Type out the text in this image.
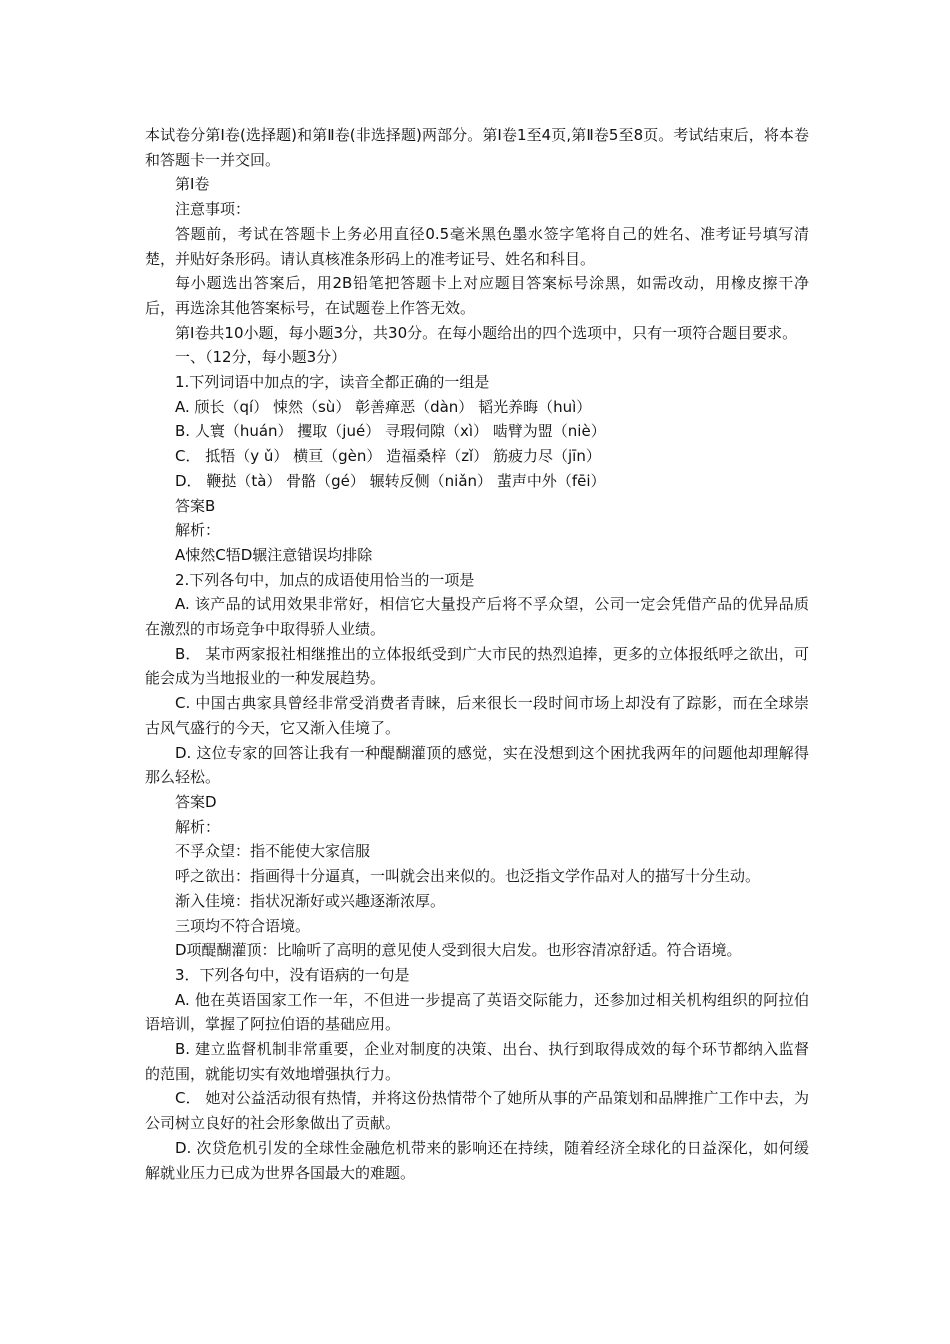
本试卷分第Ⅰ卷(选择题)和第Ⅱ卷(非选择题)两部分。第Ⅰ卷1至4页,第Ⅱ卷5至8页。考试结束后，将本卷和答题卡一并交回。

第Ⅰ卷

注意事项：

答题前，考试在答题卡上务必用直径0.5毫米黑色墨水签字笔将自己的姓名、准考证号填写清楚，并贴好条形码。请认真核准条形码上的准考证号、姓名和科目。

每小题选出答案后，用2B铅笔把答题卡上对应题目答案标号涂黑，如需改动，用橡皮擦干净后，再选涂其他答案标号，在试题卷上作答无效。

第Ⅰ卷共10小题，每小题3分，共30分。在每小题给出的四个选项中，只有一项符合题目要求。

一、（12分，每小题3分）

1.下列词语中加点的字，读音全都正确的一组是

A. 颀长（qí） 悚然（sù） 彰善瘅恶（dàn） 韬光养晦（huì）

B. 人寰（huán） 攫取（jué） 寻瑕伺隙（xì） 啮臂为盟（niè）

C． 抵牾（y ǔ） 横亘（gèn） 造福桑梓（zǐ） 筋疲力尽（jīn）

D． 鞭挞（tà） 骨骼（gé） 辗转反侧（niǎn） 蜚声中外（fēi）

答案B

解析：

A悚然C牾D辗注意错误均排除

2.下列各句中，加点的成语使用恰当的一项是

A. 该产品的试用效果非常好，相信它大量投产后将不孚众望，公司一定会凭借产品的优异品质在激烈的市场竞争中取得骄人业绩。

B． 某市两家报社相继推出的立体报纸受到广大市民的热烈追捧，更多的立体报纸呼之欲出，可能会成为当地报业的一种发展趋势。

C. 中国古典家具曾经非常受消费者青睐，后来很长一段时间市场上却没有了踪影，而在全球崇古风气盛行的今天，它又渐入佳境了。

D. 这位专家的回答让我有一种醍醐灌顶的感觉，实在没想到这个困扰我两年的问题他却理解得那么轻松。

答案D

解析：

不孚众望：指不能使大家信服

呼之欲出：指画得十分逼真，一叫就会出来似的。也泛指文学作品对人的描写十分生动。

渐入佳境：指状况渐好或兴趣逐渐浓厚。

三项均不符合语境。

D项醍醐灌顶：比喻听了高明的意见使人受到很大启发。也形容清凉舒适。符合语境。

3．下列各句中，没有语病的一句是

A. 他在英语国家工作一年，不但进一步提高了英语交际能力，还参加过相关机构组织的阿拉伯语培训，掌握了阿拉伯语的基础应用。

B. 建立监督机制非常重要，企业对制度的决策、出台、执行到取得成效的每个环节都纳入监督的范围，就能切实有效地增强执行力。

C． 她对公益活动很有热情，并将这份热情带个了她所从事的产品策划和品牌推广工作中去，为公司树立良好的社会形象做出了贡献。

D. 次贷危机引发的全球性金融危机带来的影响还在持续，随着经济全球化的日益深化，如何缓解就业压力已成为世界各国最大的难题。
